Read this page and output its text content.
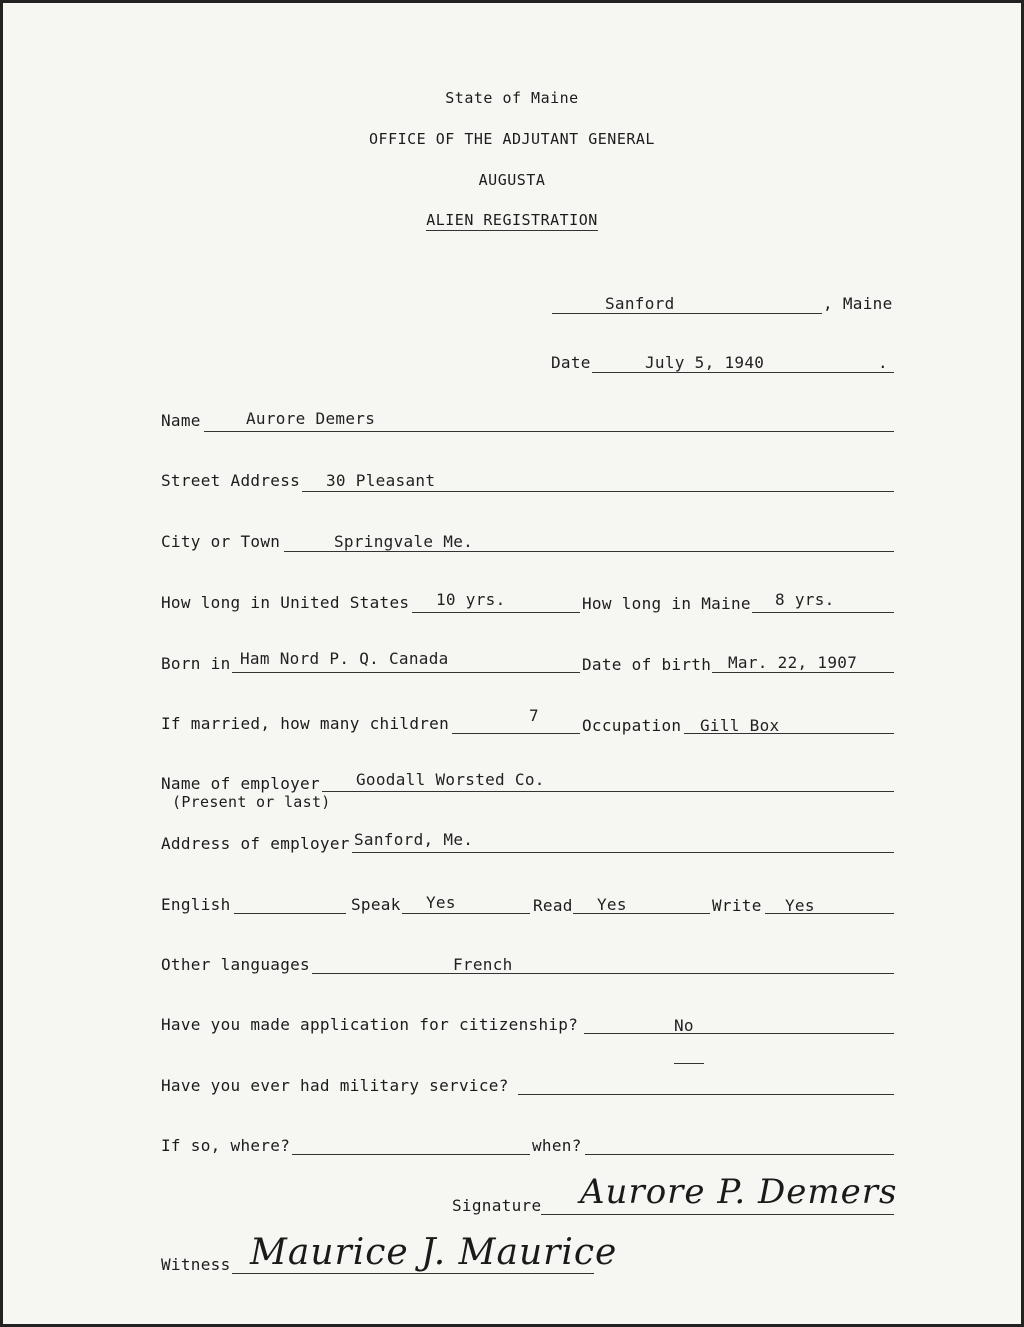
State of Maine
OFFICE OF THE ADJUTANT GENERAL
AUGUSTA
ALIEN REGISTRATION
Sanford	, Maine
Date	July 5, 1940	.
Name	Aurore Demers
Street Address 30 Pleasant
City or Town	Springvale Me.
How long in United States 10 yrs.	How long in Maine 8 yrs.
Born in Ham Nord P. Q. Canada	Date of birth Mar. 22, 1907
If married, how many children	7
Occupation Gill Box
Name of employer
(Present or last)
Goodall Worsted Co.
Address of employer Sanford, Me.
English	Speak Yes	Read Yes	Write Yes
Other languages	French
Have you made application for citizenship?	No
Have you ever had military service?
If so, where?	when?
Signature Aurore P. Demers
Witness Maurice J. Maurice
